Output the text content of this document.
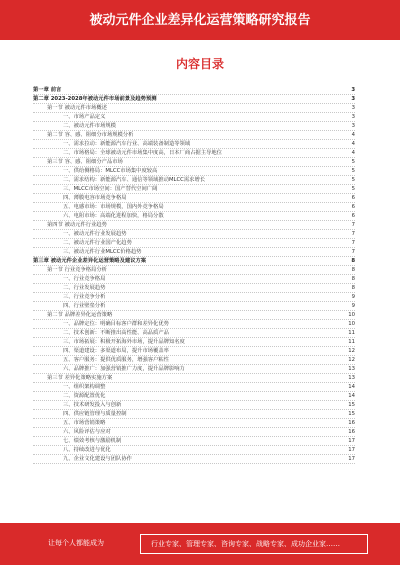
被动元件企业差异化运营策略研究报告
内容目录
第一章 前言	3
第二章 2023-2028年被动元件市场前景及趋势预测	3
第一节 被动元件市场概述	3
一、市场产品定义	3
二、被动元件市场规模	3
第二节 容、感、阻细分市场规模分析	4
一、需求拉动：新能源汽车行业、高端装备制造等领域	4
二、市场格局：全球被动元件市场集中度高，日本厂商占据主导地位	4
第三节 容、感、阻细分产品市场	5
一、供给侧格局：MLCC市场集中度较高	5
二、需求结构：新能源汽车、通信等领域推动MLCC需求增长	5
三、MLCC市场空间：国产替代空间广阔	5
四、薄膜电容市场竞争格局	6
五、电感市场：市场规模，国内外竞争格局	6
六、电阻市场：高端化进程加快，格局分散	6
第四节 被动元件行业趋势	7
一、被动元件行业发展趋势	7
二、被动元件行业国产化趋势	7
三、被动元件行业MLCC价格趋势	7
第三章 被动元件企业差异化运营策略及建议方案	8
第一节 行业竞争格局分析	8
一、行业竞争格局	8
二、行业发展趋势	8
三、行业竞争分析	9
四、行业壁垒分析	9
第二节 品牌差异化运营策略	10
一、品牌定位：明确目标客户群和差异化优势	10
二、技术创新：不断推出高性能、高品质产品	11
三、市场拓展：积极开拓海外市场，提升品牌知名度	11
四、渠道建设：多渠道布局，提升市场覆盖率	12
五、客户服务：提供优质服务，增强客户粘性	12
六、品牌推广：加强营销推广力度，提升品牌影响力	13
第三节 差异化策略实施方案	13
一、组织架构调整	14
二、资源配置优化	14
三、技术研发投入与创新	15
四、供应链管理与质量控制	15
五、市场营销策略	16
六、风险评估与应对	16
七、绩效考核与激励机制	17
八、持续改进与优化	17
九、企业文化建设与团队协作	17
让每个人都能成为	行业专家、管理专家、咨询专家、战略专家、成功企业家……
